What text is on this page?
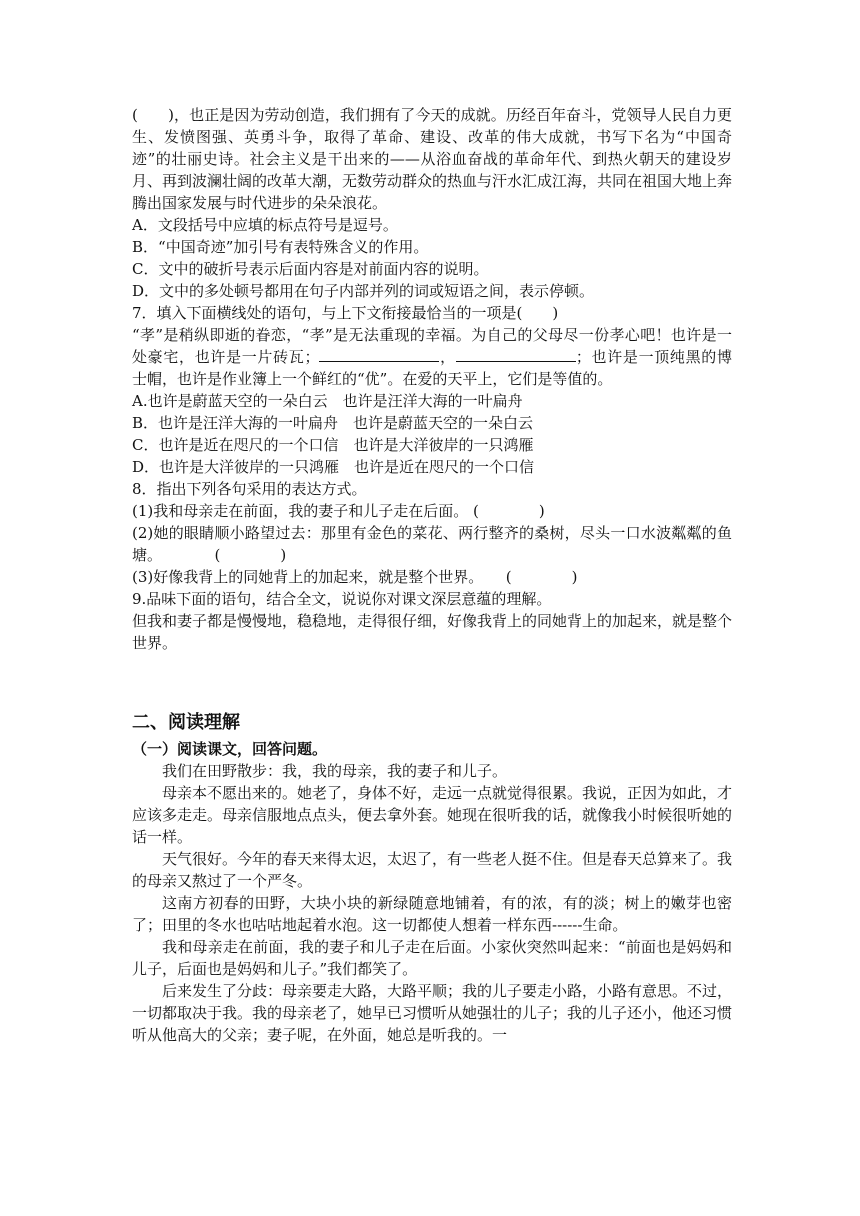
(　　)，也正是因为劳动创造，我们拥有了今天的成就。历经百年奋斗，党领导人民自力更生、发愤图强、英勇斗争，取得了革命、建设、改革的伟大成就，书写下名为“中国奇迹”的壮丽史诗。社会主义是干出来的——从浴血奋战的革命年代、到热火朝天的建设岁月、再到波澜壮阔的改革大潮，无数劳动群众的热血与汗水汇成江海，共同在祖国大地上奔腾出国家发展与时代进步的朵朵浪花。

A．文段括号中应填的标点符号是逗号。

B．“中国奇迹”加引号有表特殊含义的作用。

C．文中的破折号表示后面内容是对前面内容的说明。

D．文中的多处顿号都用在句子内部并列的词或短语之间，表示停顿。

7．填入下面横线处的语句，与上下文衔接最恰当的一项是(　　)

“孝”是稍纵即逝的眷恋，“孝”是无法重现的幸福。为自己的父母尽一份孝心吧！也许是一处豪宅，也许是一片砖瓦；	，	；也许是一顶纯黑的博士帽，也许是作业簿上一个鲜红的“优”。在爱的天平上，它们是等值的。

A.也许是蔚蓝天空的一朵白云　也许是汪洋大海的一叶扁舟

B．也许是汪洋大海的一叶扁舟　也许是蔚蓝天空的一朵白云

C．也许是近在咫尺的一个口信　也许是大洋彼岸的一只鸿雁

D．也许是大洋彼岸的一只鸿雁　也许是近在咫尺的一个口信

8．指出下列各句采用的表达方式。

(1)我和母亲走在前面，我的妻子和儿子走在后面。 (　　　　)

(2)她的眼睛顺小路望过去：那里有金色的菜花、两行整齐的桑树，尽头一口水波粼粼的鱼塘。　　　　(　　　　)

(3)好像我背上的同她背上的加起来，就是整个世界。　　(　　　　)

9.品味下面的语句，结合全文，说说你对课文深层意蕴的理解。

但我和妻子都是慢慢地，稳稳地，走得很仔细，好像我背上的同她背上的加起来，就是整个世界。

二、阅读理解

（一）阅读课文，回答问题。

我们在田野散步：我，我的母亲，我的妻子和儿子。

母亲本不愿出来的。她老了，身体不好，走远一点就觉得很累。我说，正因为如此，才应该多走走。母亲信服地点点头，便去拿外套。她现在很听我的话，就像我小时候很听她的话一样。

天气很好。今年的春天来得太迟，太迟了，有一些老人挺不住。但是春天总算来了。我的母亲又熬过了一个严冬。

这南方初春的田野，大块小块的新绿随意地铺着，有的浓，有的淡；树上的嫩芽也密了；田里的冬水也咕咕地起着水泡。这一切都使人想着一样东西------生命。

我和母亲走在前面，我的妻子和儿子走在后面。小家伙突然叫起来：“前面也是妈妈和儿子，后面也是妈妈和儿子。”我们都笑了。

后来发生了分歧：母亲要走大路，大路平顺；我的儿子要走小路，小路有意思。不过，一切都取决于我。我的母亲老了，她早已习惯听从她强壮的儿子；我的儿子还小，他还习惯听从他高大的父亲；妻子呢，在外面，她总是听我的。一
